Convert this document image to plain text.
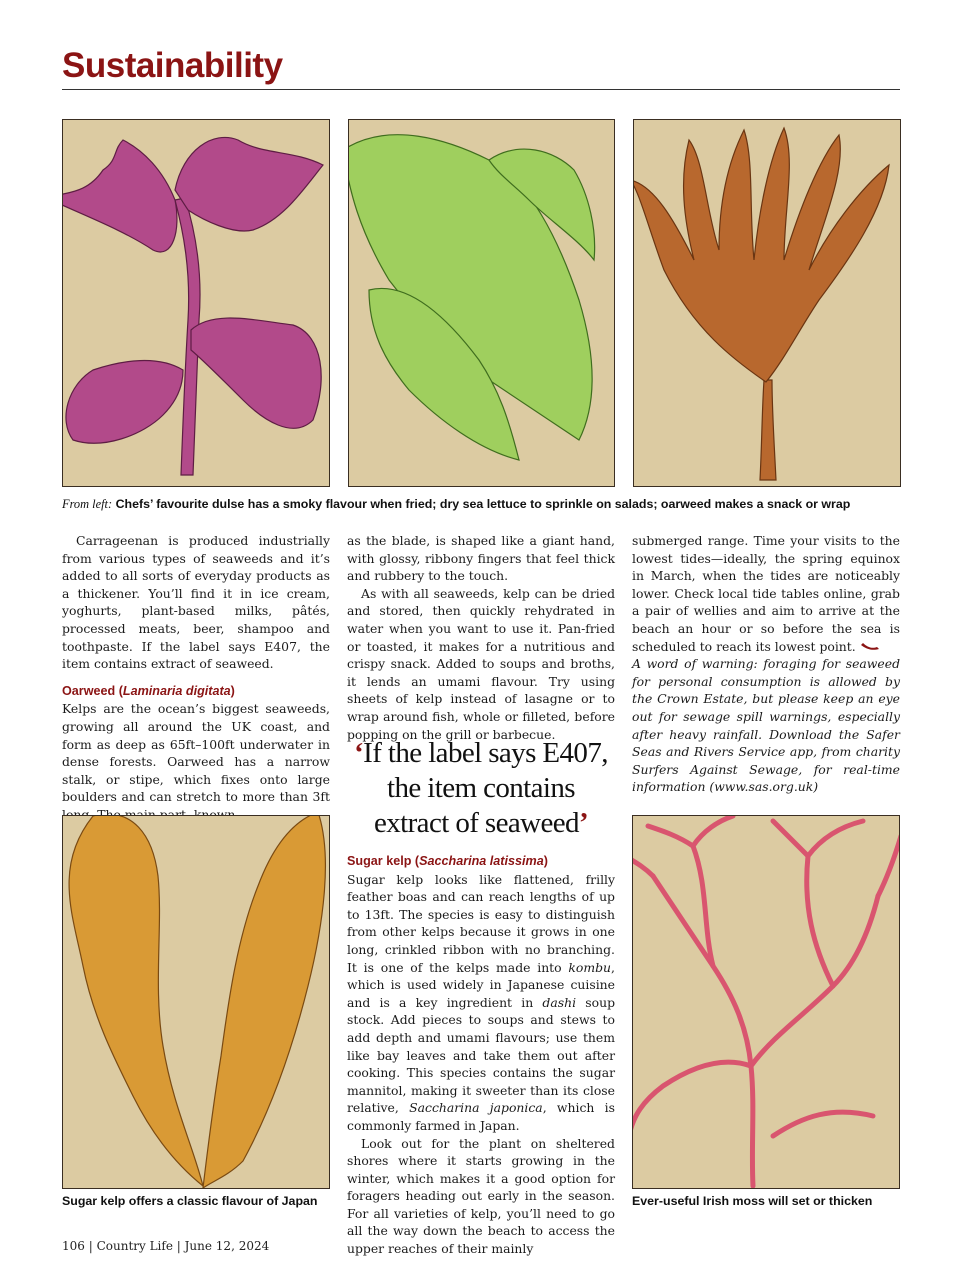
Sustainability
From left: Chefs’ favourite dulse has a smoky flavour when fried; dry sea lettuce to sprinkle on salads; oarweed makes a snack or wrap

Carrageenan is produced industrially from various types of seaweeds and it’s added to all sorts of everyday products as a thickener. You’ll find it in ice cream, yoghurts, plant-based milks, pâtés, processed meats, beer, shampoo and toothpaste. If the label says E407, the item contains extract of seaweed.

Oarweed (Laminaria digitata)

Kelps are the ocean’s biggest seaweeds, growing all around the UK coast, and form as deep as 65ft–100ft underwater in dense forests. Oarweed has a narrow stalk, or stipe, which fixes onto large boulders and can stretch to more than 3ft

as the blade, is shaped like a giant hand, with glossy, ribbony fingers that feel thick and rubbery to the touch.

As with all seaweeds, kelp can be dried and stored, then quickly rehydrated in water when you want to use it. Pan-fried or toasted, it makes for a nutritious and crispy snack. Added to soups and broths, it lends an umami flavour. Try using sheets of kelp instead of lasagne or to wrap around fish, whole or filleted, before popping on the grill or barbecue.

‘If the label says E407, the item contains extract of seaweed’
Sugar kelp (Saccharina latissima)

Sugar kelp looks like flattened, frilly feather boas and can reach lengths of up to 13ft. The species is easy to distinguish from other kelps because it grows in one long, crinkled ribbon with no branching. It is one of the kelps made into kombu, which is used widely in Japanese cuisine and is a key ingredient in dashi soup stock. Add pieces to soups and stews to add depth and umami flavours; use them like bay leaves and take them out after cooking. This species contains the sugar mannitol, making it sweeter than its close relative, Saccharina japonica, which is commonly farmed in Japan.

Look out for the plant on sheltered shores where it starts growing in the winter, which makes it a good option for foragers heading out early in the season. For all varieties of kelp, you’ll need to go all the way down the beach to access the upper reaches of their mainly

submerged range. Time your visits to the lowest tides—ideally, the spring equinox in March, when the tides are noticeably lower. Check local tide tables online, grab a pair of wellies and aim to arrive at the beach an hour or so before the sea is scheduled to reach its lowest point.

A word of warning: foraging for seaweed for personal consumption is allowed by the Crown Estate, but please keep an eye out for sewage spill warnings, especially after heavy rainfall. Download the Safer Seas and Rivers Service app, from charity Surfers Against Sewage, for real-time information (www.sas.org.uk)

Sugar kelp offers a classic flavour of Japan	Ever-useful Irish moss will set or thicken
106 | Country Life | June 12, 2024
